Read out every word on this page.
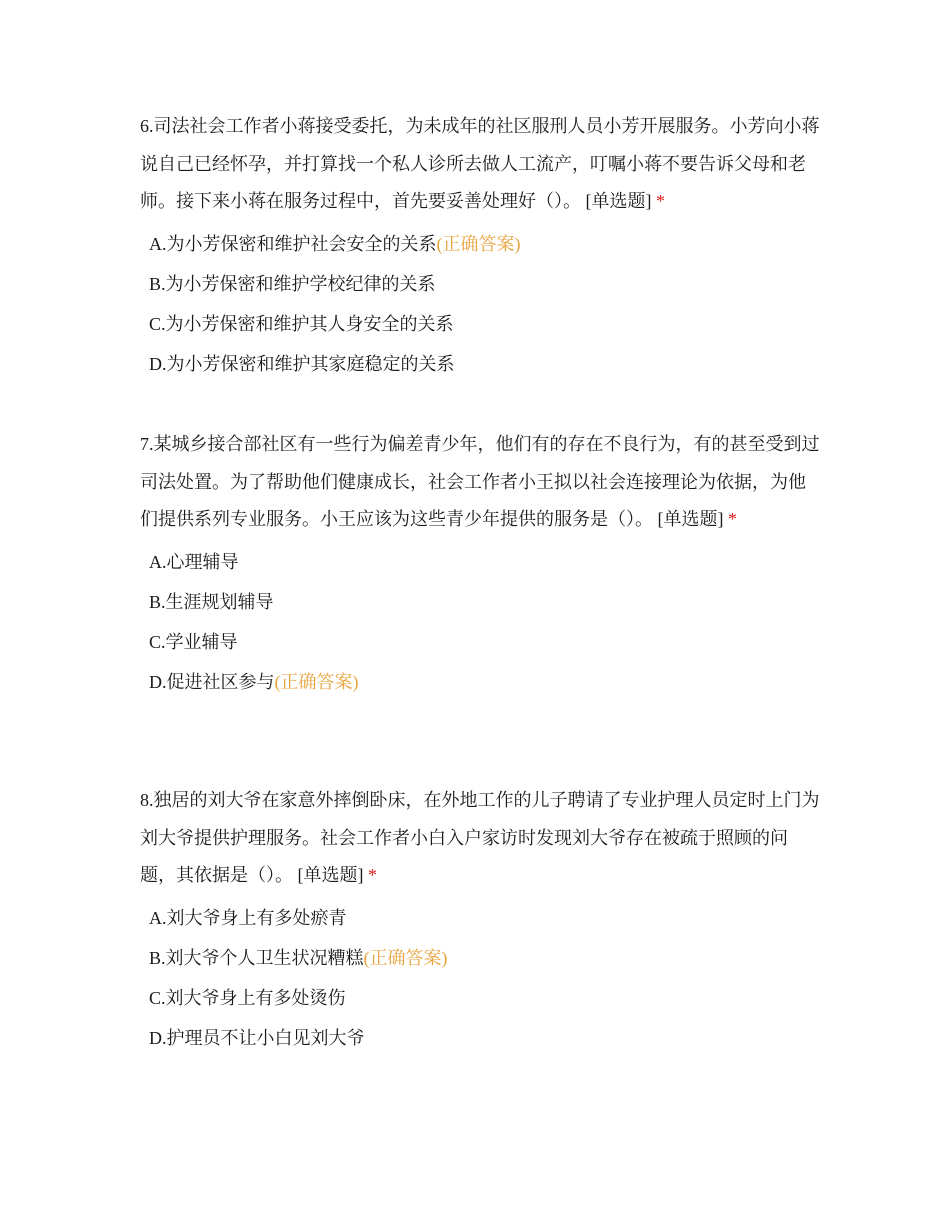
6.司法社会工作者小蒋接受委托，为未成年的社区服刑人员小芳开展服务。小芳向小蒋说自己已经怀孕，并打算找一个私人诊所去做人工流产，叮嘱小蒋不要告诉父母和老师。接下来小蒋在服务过程中，首先要妥善处理好（）。 [单选题] *

A.为小芳保密和维护社会安全的关系(正确答案)
B.为小芳保密和维护学校纪律的关系
C.为小芳保密和维护其人身安全的关系
D.为小芳保密和维护其家庭稳定的关系

7.某城乡接合部社区有一些行为偏差青少年，他们有的存在不良行为，有的甚至受到过司法处置。为了帮助他们健康成长，社会工作者小王拟以社会连接理论为依据，为他们提供系列专业服务。小王应该为这些青少年提供的服务是（）。 [单选题] *

A.心理辅导
B.生涯规划辅导
C.学业辅导
D.促进社区参与(正确答案)

8.独居的刘大爷在家意外摔倒卧床，在外地工作的儿子聘请了专业护理人员定时上门为刘大爷提供护理服务。社会工作者小白入户家访时发现刘大爷存在被疏于照顾的问题，其依据是（）。 [单选题] *

A.刘大爷身上有多处瘀青
B.刘大爷个人卫生状况糟糕(正确答案)
C.刘大爷身上有多处烫伤
D.护理员不让小白见刘大爷
